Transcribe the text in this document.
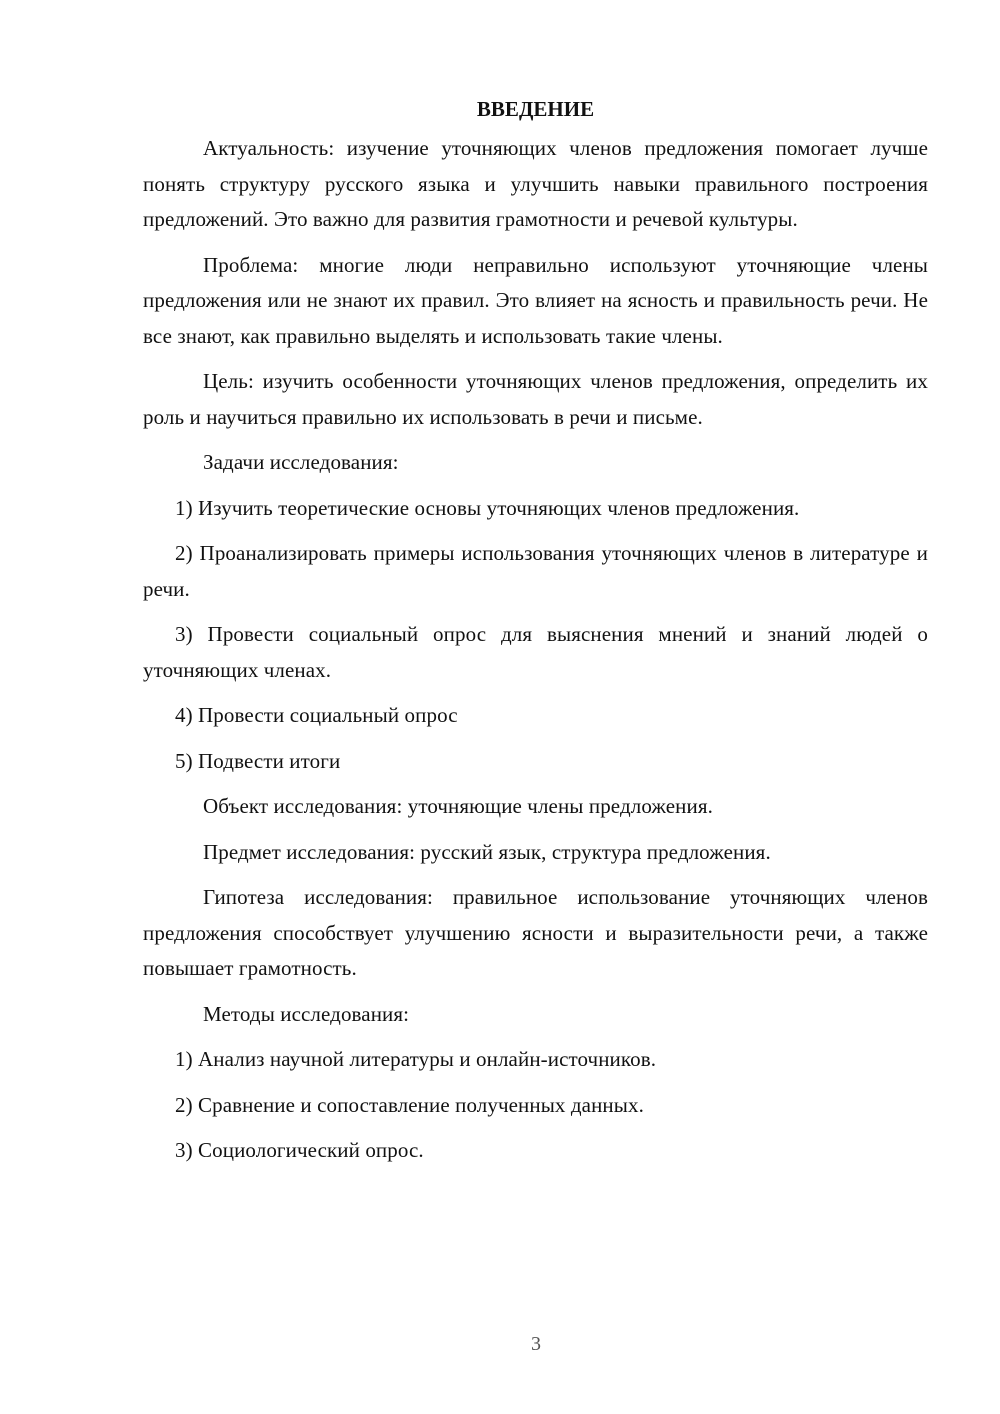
ВВЕДЕНИЕ

Актуальность: изучение уточняющих членов предложения помогает лучше понять структуру русского языка и улучшить навыки правильного построения предложений. Это важно для развития грамотности и речевой культуры.

Проблема: многие люди неправильно используют уточняющие члены предложения или не знают их правил. Это влияет на ясность и правильность речи. Не все знают, как правильно выделять и использовать такие члены.

Цель: изучить особенности уточняющих членов предложения, определить их роль и научиться правильно их использовать в речи и письме.

Задачи исследования:

1) Изучить теоретические основы уточняющих членов предложения.

2) Проанализировать примеры использования уточняющих членов в литературе и речи.

3) Провести социальный опрос для выяснения мнений и знаний людей о уточняющих членах.

4) Провести социальный опрос

5) Подвести итоги

Объект исследования: уточняющие члены предложения.

Предмет исследования: русский язык, структура предложения.

Гипотеза исследования: правильное использование уточняющих членов предложения способствует улучшению ясности и выразительности речи, а также повышает грамотность.

Методы исследования:

1) Анализ научной литературы и онлайн-источников.

2) Сравнение и сопоставление полученных данных.

3) Социологический опрос.

3
